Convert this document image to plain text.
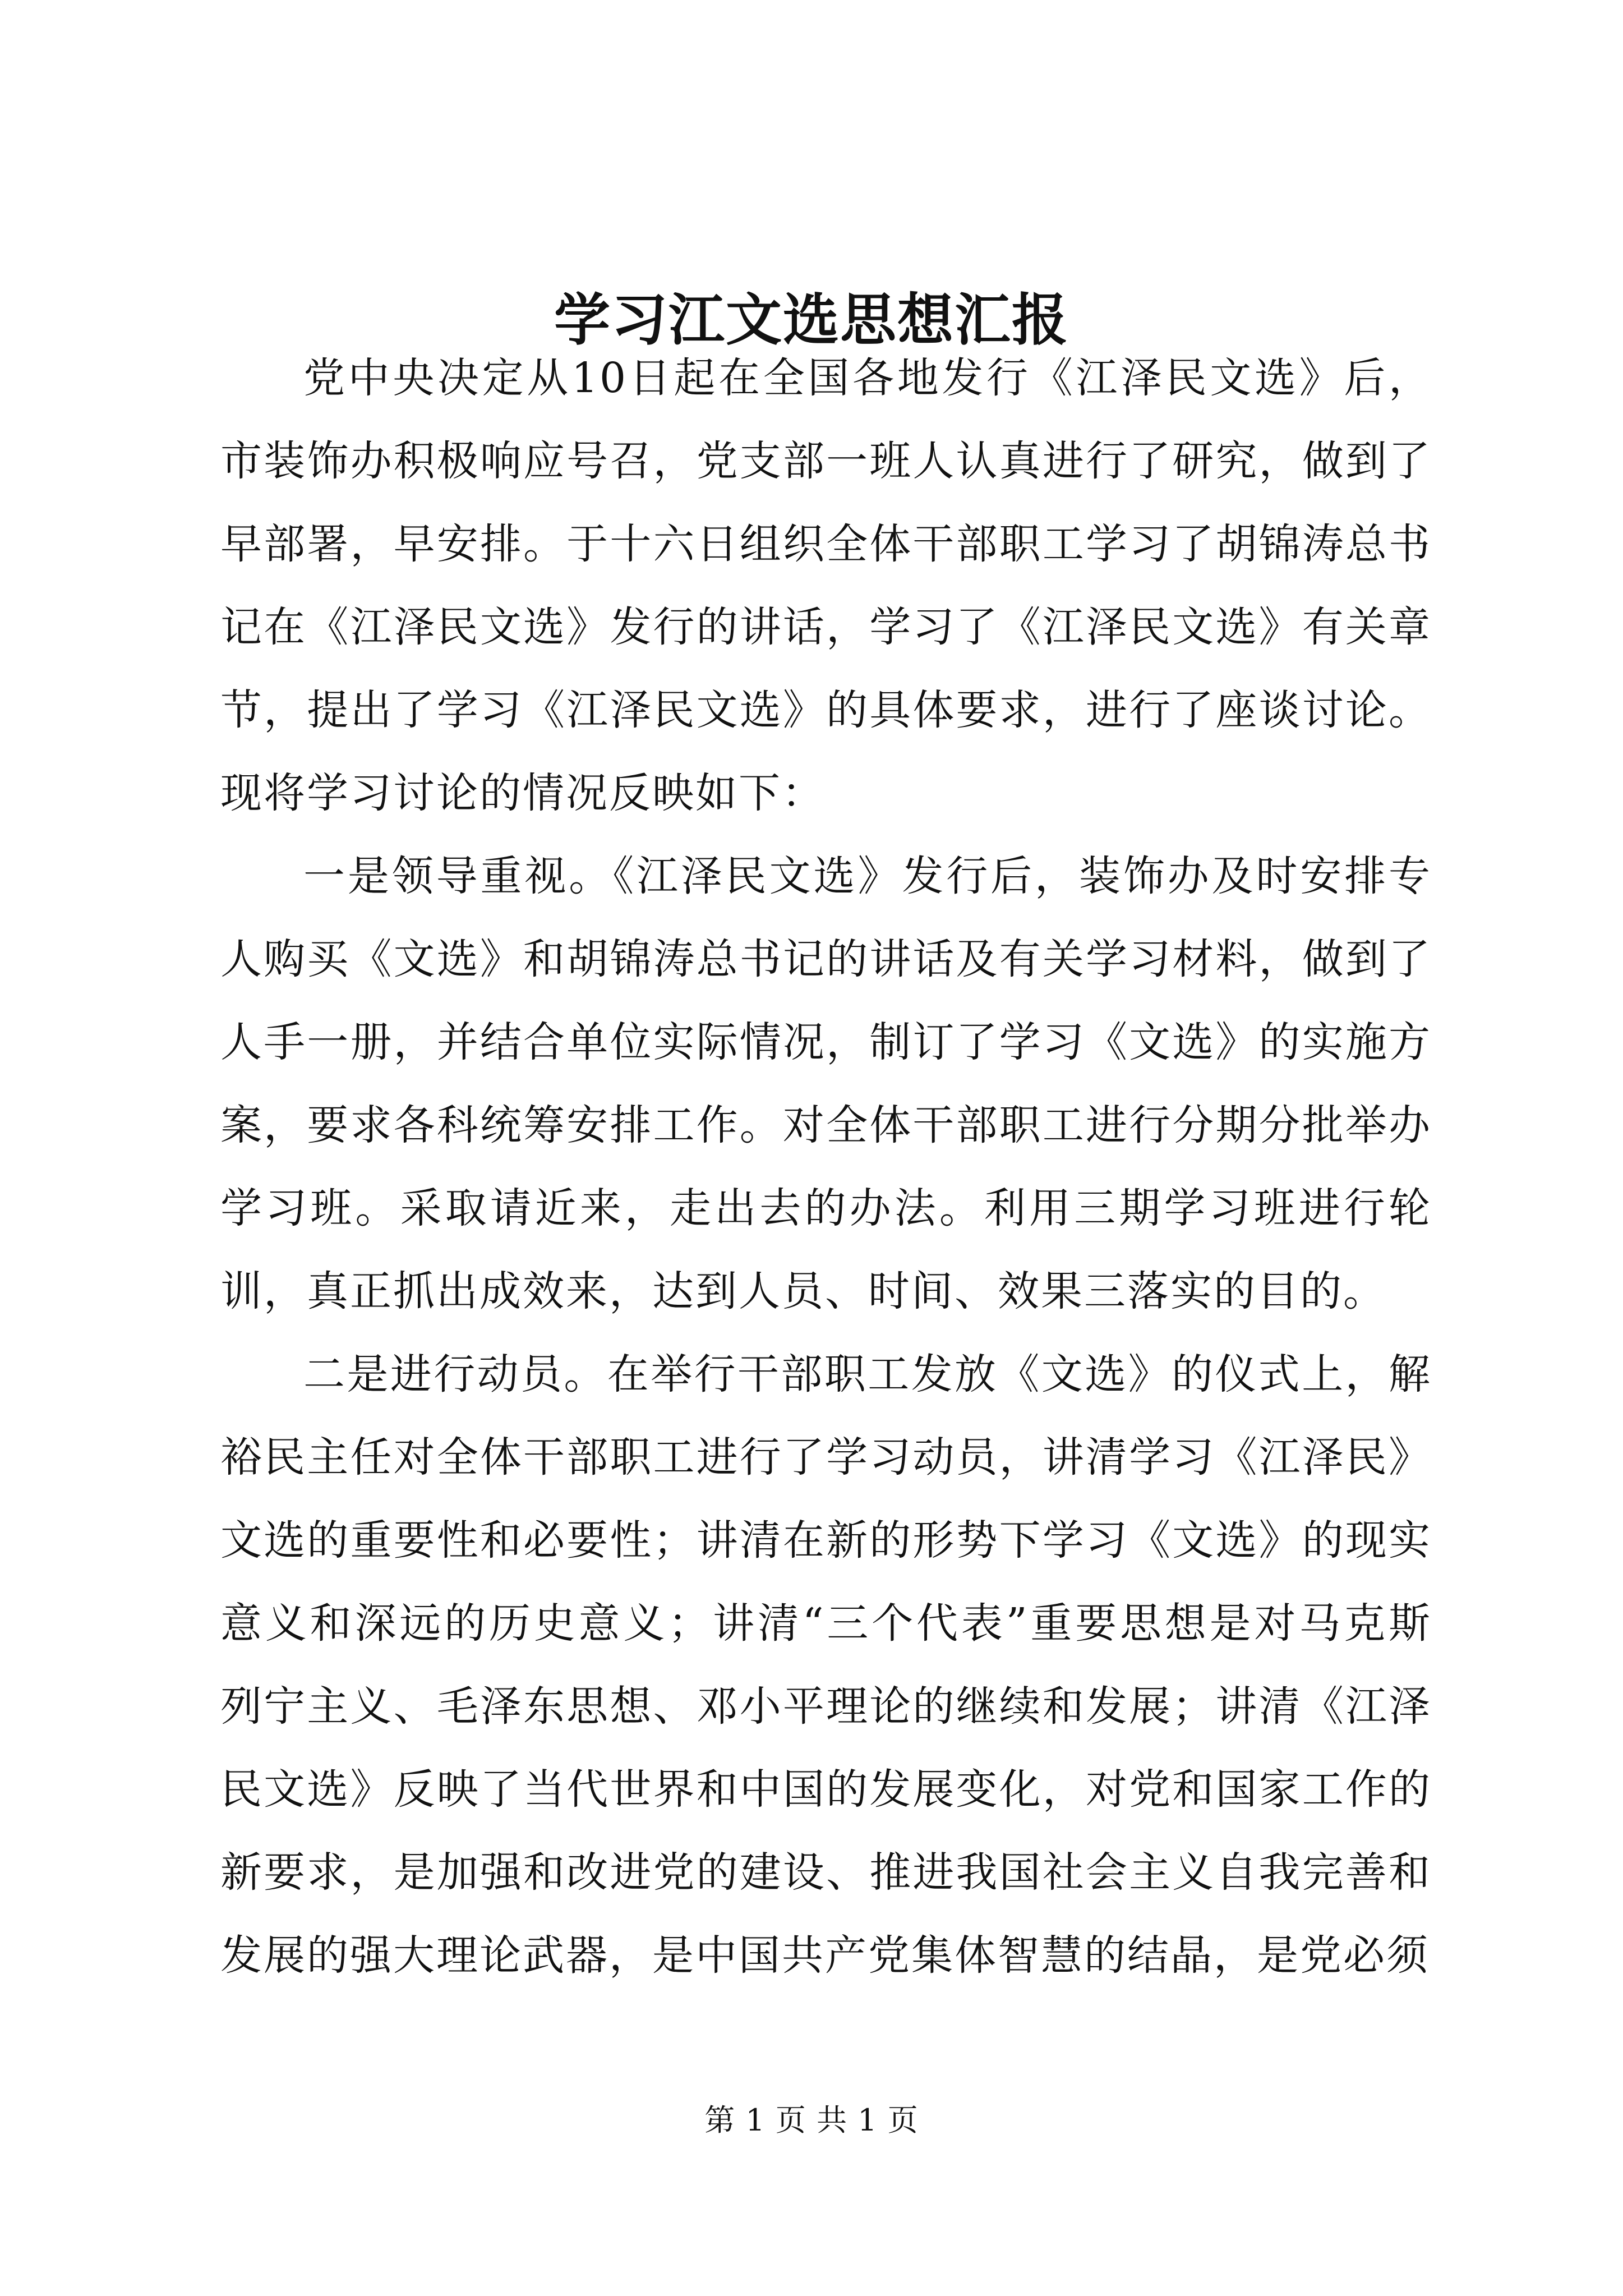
学习江文选思想汇报

党中央决定从10日起在全国各地发行《江泽民文选》后，市装饰办积极响应号召，党支部一班人认真进行了研究，做到了早部署，早安排。于十六日组织全体干部职工学习了胡锦涛总书记在《江泽民文选》发行的讲话，学习了《江泽民文选》有关章节，提出了学习《江泽民文选》的具体要求，进行了座谈讨论。现将学习讨论的情况反映如下：

一是领导重视。《江泽民文选》发行后，装饰办及时安排专人购买《文选》和胡锦涛总书记的讲话及有关学习材料，做到了人手一册，并结合单位实际情况，制订了学习《文选》的实施方案，要求各科统筹安排工作。对全体干部职工进行分期分批举办学习班。采取请近来，走出去的办法。利用三期学习班进行轮训，真正抓出成效来，达到人员、时间、效果三落实的目的。

二是进行动员。在举行干部职工发放《文选》的仪式上，解裕民主任对全体干部职工进行了学习动员，讲清学习《江泽民》文选的重要性和必要性；讲清在新的形势下学习《文选》的现实意义和深远的历史意义；讲清“三个代表”重要思想是对马克斯列宁主义、毛泽东思想、邓小平理论的继续和发展；讲清《江泽民文选》反映了当代世界和中国的发展变化，对党和国家工作的新要求，是加强和改进党的建设、推进我国社会主义自我完善和发展的强大理论武器，是中国共产党集体智慧的结晶，是党必须

第 1 页 共 1 页
